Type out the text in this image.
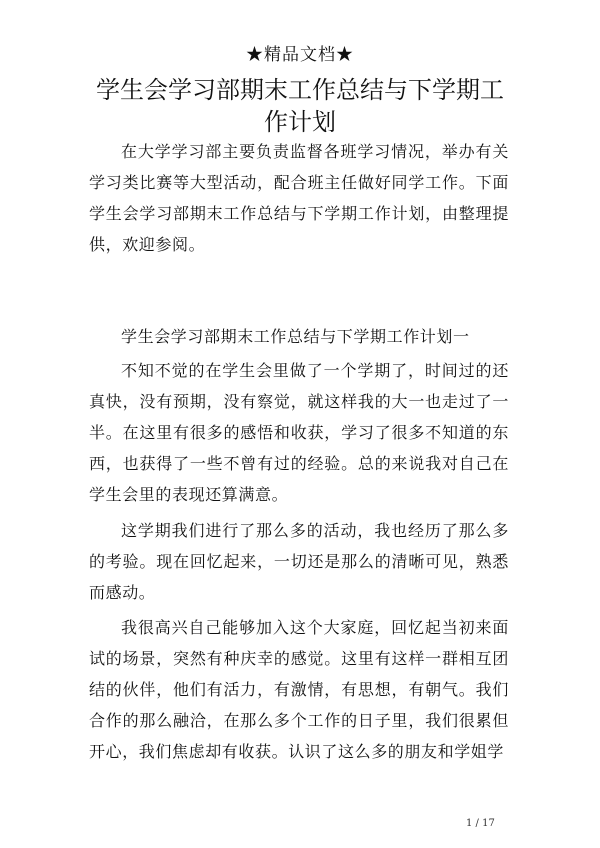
★精品文档★
学生会学习部期末工作总结与下学期工作计划

在大学学习部主要负责监督各班学习情况，举办有关学习类比赛等大型活动，配合班主任做好同学工作。下面学生会学习部期末工作总结与下学期工作计划，由整理提供，欢迎参阅。

学生会学习部期末工作总结与下学期工作计划一

不知不觉的在学生会里做了一个学期了，时间过的还真快，没有预期，没有察觉，就这样我的大一也走过了一半。在这里有很多的感悟和收获，学习了很多不知道的东西，也获得了一些不曾有过的经验。总的来说我对自己在学生会里的表现还算满意。

这学期我们进行了那么多的活动，我也经历了那么多的考验。现在回忆起来，一切还是那么的清晰可见，熟悉而感动。

我很高兴自己能够加入这个大家庭，回忆起当初来面试的场景，突然有种庆幸的感觉。这里有这样一群相互团结的伙伴，他们有活力，有激情，有思想，有朝气。我们合作的那么融洽，在那么多个工作的日子里，我们很累但开心，我们焦虑却有收获。认识了这么多的朋友和学姐学

1 / 17
